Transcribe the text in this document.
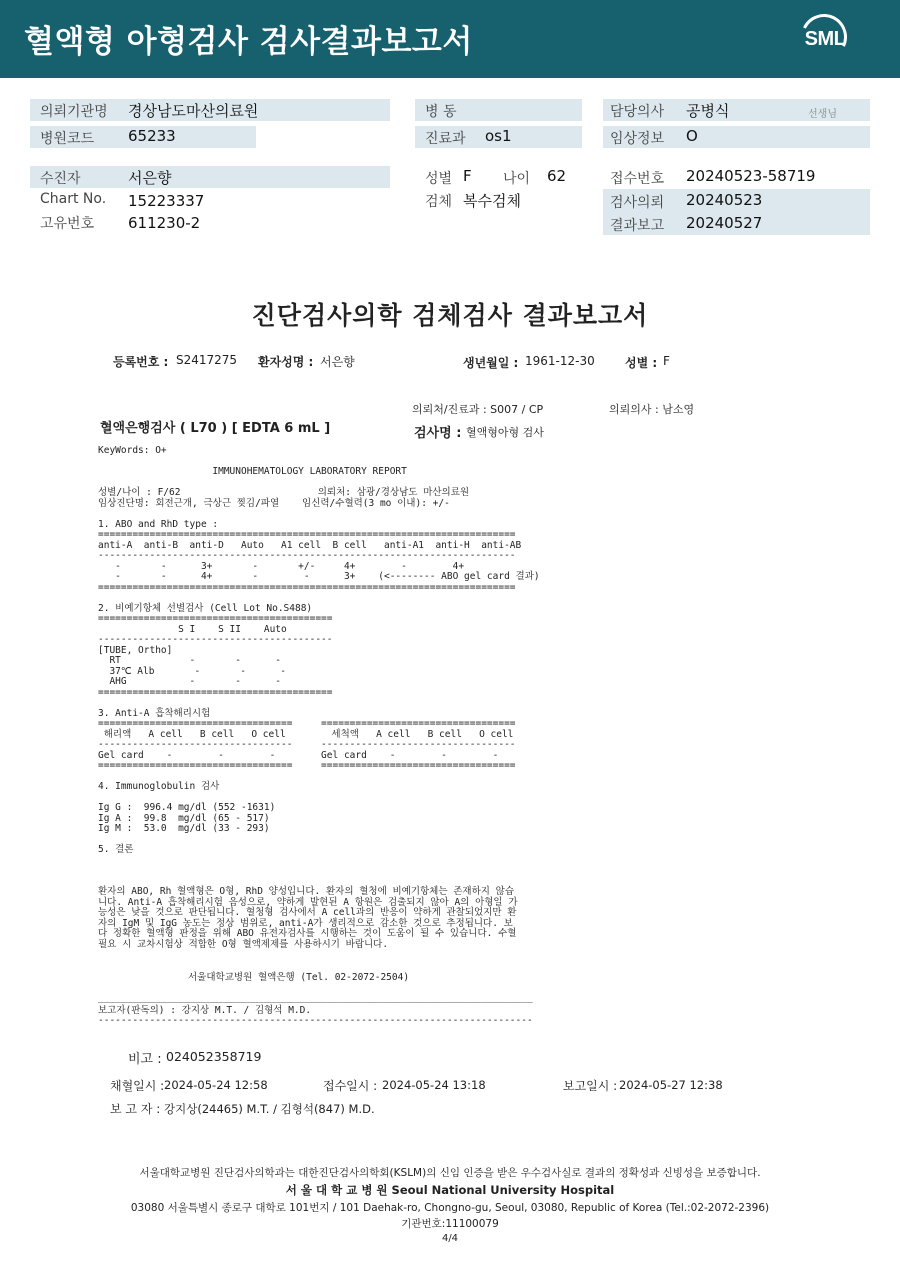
혈액형 아형검사 검사결과보고서	SML
의뢰기관명 경상남도마산의료원
병원코드 65233
병 동
진료과 os1
담당의사 공병식	선생님
임상정보 O
수진자	서은향
Chart No. 15223337
고유번호 611230-2
성별 F 나이 62
검체 복수검체
접수번호 20240523-58719
검사의뢰 20240523
결과보고 20240527
진단검사의학 검체검사 결과보고서
등록번호 : S2417275 환자성명 : 서은향	생년월일 : 1961-12-30	성별 : F
의뢰처/진료과 : S007 / CP	의뢰의사 : 남소영
혈액은행검사 ( L70 ) [ EDTA 6 mL ]	검사명 : 혈액형아형 검사
KeyWords: O+

IMMUNOHEMATOLOGY LABORATORY REPORT

성별/나이 : F/62                        의뢰처: 삼광/경상남도 마산의료원
임상진단명: 회전근개, 극상근 찢김/파열    임신력/수혈력(3 mo 이내): +/-

1. ABO and RhD type :
=========================================================================
anti-A  anti-B  anti-D   Auto   A1 cell  B cell   anti-A1  anti-H  anti-AB
-------------------------------------------------------------------------
-       -      3+       -       +/-     4+        -        4+
-       -      4+       -        -      3+    (<-------- ABO gel card 결과)
=========================================================================

2. 비예기항체 선별검사 (Cell Lot No.S488)
=========================================
S I    S II    Auto
-----------------------------------------
[TUBE, Ortho]
RT            -       -      -
37℃ Alb       -       -      -
AHG           -       -      -
=========================================

3. Anti-A 흡착해리시험
==================================     ==================================
해리액   A cell   B cell   O cell        세척액   A cell   B cell   O cell
----------------------------------     ----------------------------------
Gel card    -        -        -        Gel card    -        -        -
==================================     ==================================

4. Immunoglobulin 검사

Ig G :  996.4 mg/dl (552 -1631)
Ig A :  99.8  mg/dl (65 - 517)
Ig M :  53.0  mg/dl (33 - 293)

5. 결론
환자의 ABO, Rh 혈액형은 O형, RhD 양성입니다. 환자의 혈청에 비예기항체는 존재하지 않습니다. Anti-A 흡착해리시험 음성으로, 약하게 발현된 A 항원은 검출되지 않아 A의 아형일 가능성은 낮을 것으로 판단됩니다. 혈청형 검사에서 A cell과의 반응이 약하게 관찰되었지만 환자의 IgM 및 IgG 농도는 정상 범위로, anti-A가 생리적으로 감소한 것으로 추정됩니다. 보다 정확한 혈액형 판정을 위해 ABO 유전자검사를 시행하는 것이 도움이 될 수 있습니다. 수혈 필요 시 교차시험상 적합한 O형 혈액제제를 사용하시기 바랍니다.
서울대학교병원 혈액은행 (Tel. 02-2072-2504)
____________________________________________________________________________
보고자(판독의) : 강지상 M.T. / 김형석 M.D.
----------------------------------------------------------------------------
비고 : 024052358719
채혈일시 : 2024-05-24 12:58	접수일시 : 2024-05-24 13:18	보고일시 : 2024-05-27 12:38
보 고 자 : 강지상(24465) M.T. / 김형석(847) M.D.
서울대학교병원 진단검사의학과는 대한진단검사의학회(KSLM)의 신임 인증을 받은 우수검사실로 결과의 정확성과 신빙성을 보증합니다.
서 울 대 학 교 병 원 Seoul National University Hospital
03080 서울특별시 종로구 대학로 101번지 / 101 Daehak-ro, Chongno-gu, Seoul, 03080, Republic of Korea (Tel.:02-2072-2396)
기관번호:11100079
4/4
